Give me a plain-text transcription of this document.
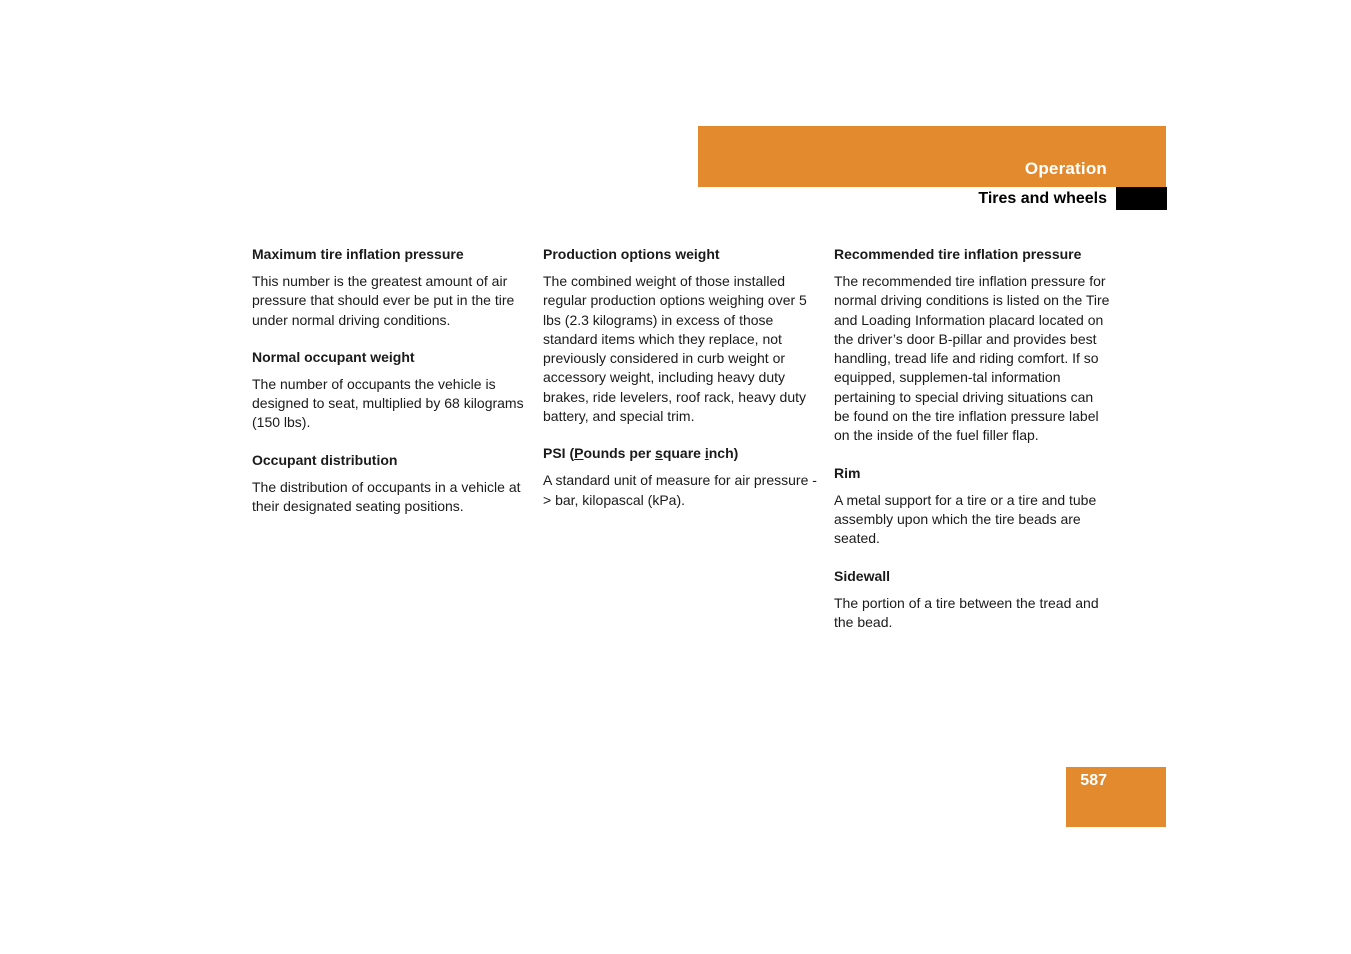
Operation
Tires and wheels
Maximum tire inflation pressure
This number is the greatest amount of air pressure that should ever be put in the tire under normal driving conditions.
Normal occupant weight
The number of occupants the vehicle is designed to seat, multiplied by 68 kilograms (150 lbs).
Occupant distribution
The distribution of occupants in a vehicle at their designated seating positions.
Production options weight
The combined weight of those installed regular production options weighing over 5 lbs (2.3 kilograms) in excess of those standard items which they replace, not previously considered in curb weight or accessory weight, including heavy duty brakes, ride levelers, roof rack, heavy duty battery, and special trim.
PSI (Pounds per square inch)
A standard unit of measure for air pressure -> bar, kilopascal (kPa).
Recommended tire inflation pressure
The recommended tire inflation pressure for normal driving conditions is listed on the Tire and Loading Information placard located on the driver’s door B-pillar and provides best handling, tread life and riding comfort. If so equipped, supplemen-tal information pertaining to special driving situations can be found on the tire inflation pressure label on the inside of the fuel filler flap.
Rim
A metal support for a tire or a tire and tube assembly upon which the tire beads are seated.
Sidewall
The portion of a tire between the tread and the bead.
587
